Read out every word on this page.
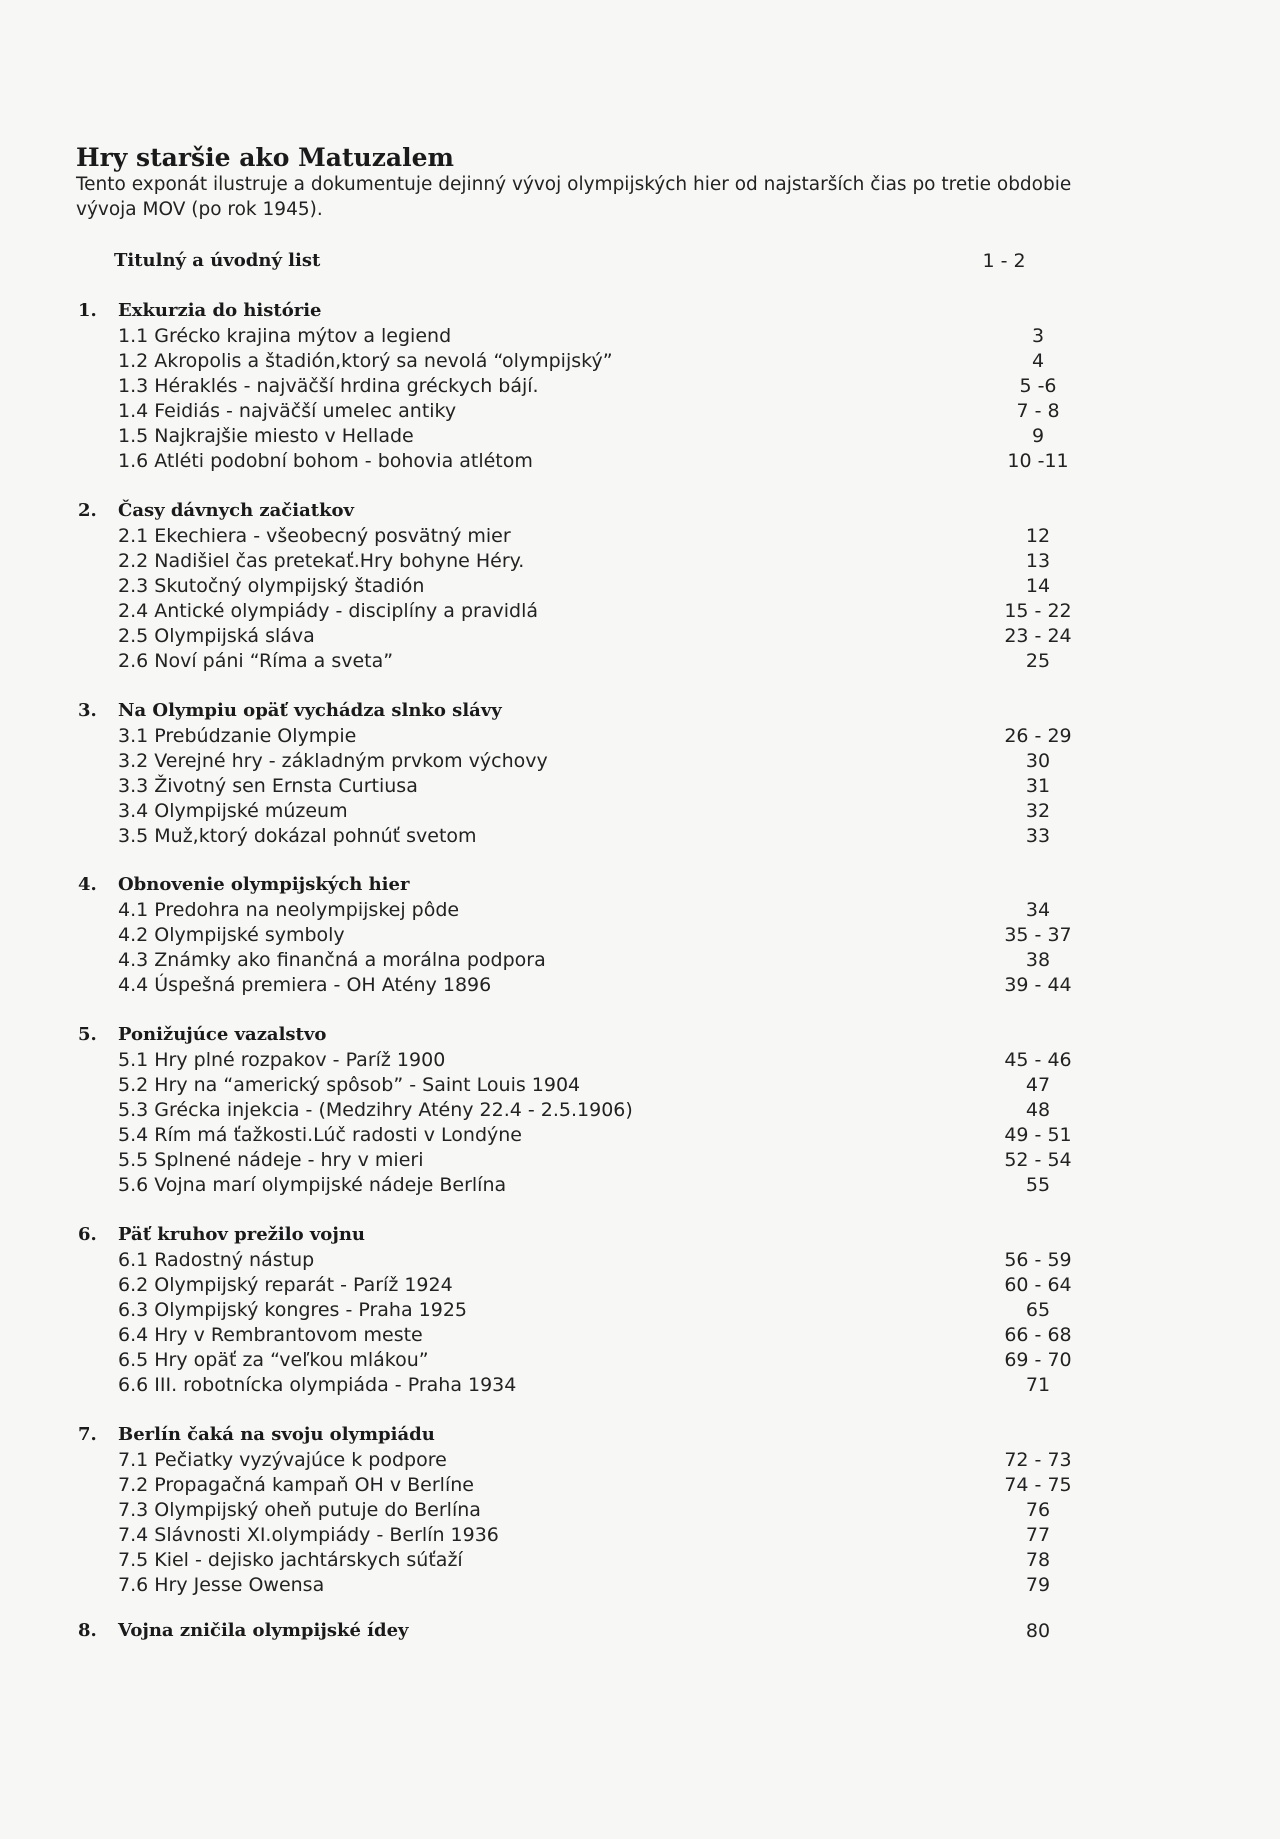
Hry staršie ako Matuzalem
Tento exponát ilustruje a dokumentuje dejinný vývoj olympijských hier od najstarších čias po tretie obdobie vývoja MOV (po rok 1945).
Titulný a úvodný list	1 - 2
1. Exkurzia do histórie
1.1 Grécko krajina mýtov a legiend	3
1.2 Akropolis a štadión,ktorý sa nevolá “olympijský”	4
1.3 Héraklés - najväčší hrdina gréckych bájí.	5 -6
1.4 Feidiás - najväčší umelec antiky	7 - 8
1.5 Najkrajšie miesto v Hellade	9
1.6 Atléti podobní bohom - bohovia atlétom	10 -11
2. Časy dávnych začiatkov
2.1 Ekechiera - všeobecný posvätný mier	12
2.2 Nadišiel čas pretekať.Hry bohyne Héry.	13
2.3 Skutočný olympijský štadión	14
2.4 Antické olympiády - disciplíny a pravidlá	15 - 22
2.5 Olympijská sláva	23 - 24
2.6 Noví páni “Ríma a sveta”	25
3. Na Olympiu opäť vychádza slnko slávy
3.1 Prebúdzanie Olympie	26 - 29
3.2 Verejné hry - základným prvkom výchovy	30
3.3 Životný sen Ernsta Curtiusa	31
3.4 Olympijské múzeum	32
3.5 Muž,ktorý dokázal pohnúť svetom	33
4. Obnovenie olympijských hier
4.1 Predohra na neolympijskej pôde	34
4.2 Olympijské symboly	35 - 37
4.3 Známky ako finančná a morálna podpora	38
4.4 Úspešná premiera - OH Atény 1896	39 - 44
5. Ponižujúce vazalstvo
5.1 Hry plné rozpakov - Paríž 1900	45 - 46
5.2 Hry na “americký spôsob” - Saint Louis 1904	47
5.3 Grécka injekcia - (Medzihry Atény 22.4 - 2.5.1906)	48
5.4 Rím má ťažkosti.Lúč radosti v Londýne	49 - 51
5.5 Splnené nádeje - hry v mieri	52 - 54
5.6 Vojna marí olympijské nádeje Berlína	55
6. Päť kruhov prežilo vojnu
6.1 Radostný nástup	56 - 59
6.2 Olympijský reparát - Paríž 1924	60 - 64
6.3 Olympijský kongres - Praha 1925	65
6.4 Hry v Rembrantovom meste	66 - 68
6.5 Hry opäť za “veľkou mlákou”	69 - 70
6.6 III. robotnícka olympiáda - Praha 1934	71
7. Berlín čaká na svoju olympiádu
7.1 Pečiatky vyzývajúce k podpore	72 - 73
7.2 Propagačná kampaň OH v Berlíne	74 - 75
7.3 Olympijský oheň putuje do Berlína	76
7.4 Slávnosti XI.olympiády - Berlín 1936	77
7.5 Kiel - dejisko jachtárskych súťaží	78
7.6 Hry Jesse Owensa	79
8. Vojna zničila olympijské ídey	80
